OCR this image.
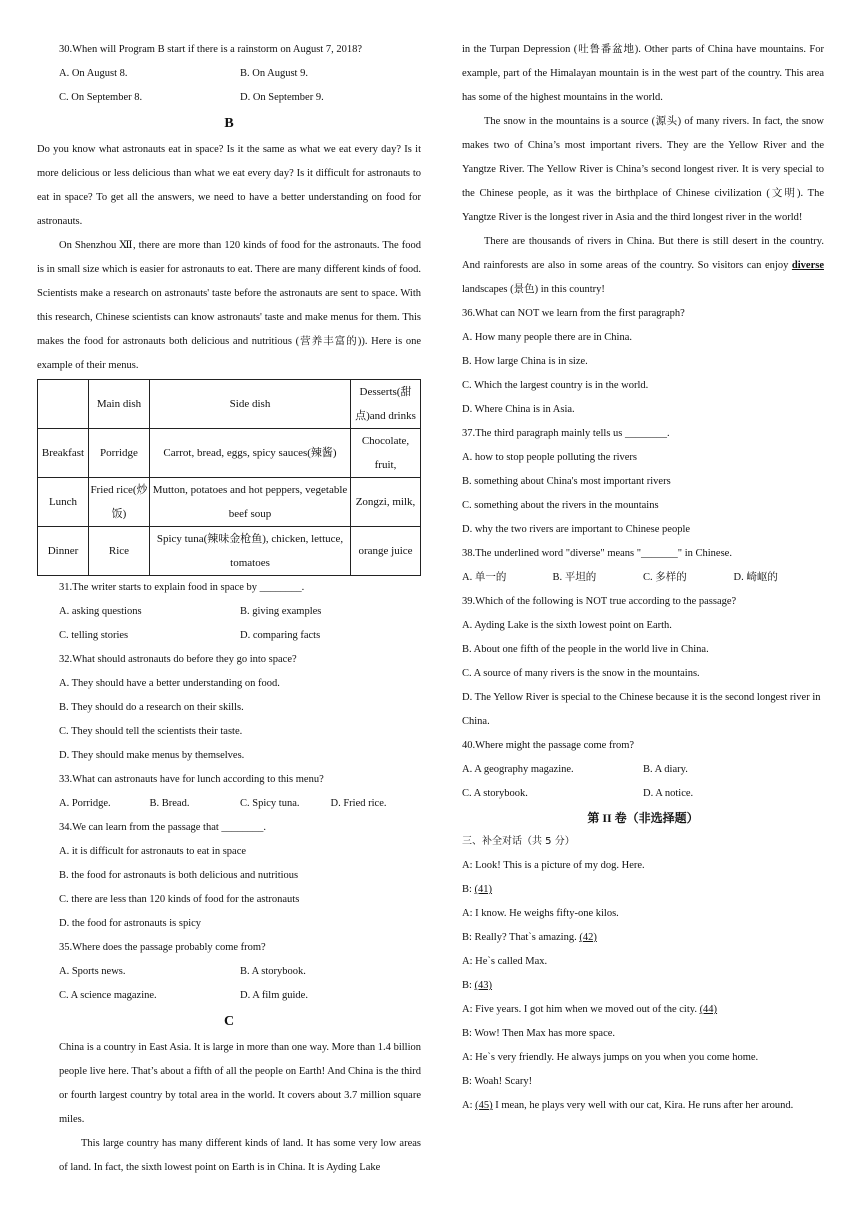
30.When will Program B start if there is a rainstorm on August 7, 2018?
A. On August 8.	B. On August 9.
C. On September 8.	D. On September 9.
B
Do you know what astronauts eat in space? Is it the same as what we eat every day? Is it more delicious or less delicious than what we eat every day? Is it difficult for astronauts to eat in space? To get all the answers, we need to have a better understanding on food for astronauts.
On Shenzhou Ⅻ, there are more than 120 kinds of food for the astronauts. The food is in small size which is easier for astronauts to eat. There are many different kinds of food. Scientists make a research on astronauts' taste before the astronauts are sent to space. With this research, Chinese scientists can know astronauts' taste and make menus for them. This makes the food for astronauts both delicious and nutritious (营养丰富的)). Here is one example of their menus.
	Main dish	Side dish	Desserts(甜点)and drinks
Breakfast	Porridge	Carrot, bread, eggs, spicy sauces(辣酱)	Chocolate, fruit,
Lunch	Fried rice(炒饭)	Mutton, potatoes and hot peppers, vegetable beef soup	Zongzi, milk,
Dinner	Rice	Spicy tuna(辣味金枪鱼), chicken, lettuce, tomatoes	orange juice
31.The writer starts to explain food in space by ________.
A. asking questions	B. giving examples
C. telling stories	D. comparing facts
32.What should astronauts do before they go into space?
A. They should have a better understanding on food.
B. They should do a research on their skills.
C. They should tell the scientists their taste.
D. They should make menus by themselves.
33.What can astronauts have for lunch according to this menu?
A. Porridge.	B. Bread.	C. Spicy tuna.	D. Fried rice.
34.We can learn from the passage that ________.
A. it is difficult for astronauts to eat in space
B. the food for astronauts is both delicious and nutritious
C. there are less than 120 kinds of food for the astronauts
D. the food for astronauts is spicy
35.Where does the passage probably come from?
A. Sports news.	B. A storybook.
C. A science magazine.	D. A film guide.
C
China is a country in East Asia. It is large in more than one way. More than 1.4 billion people live here. That’s about a fifth of all the people on Earth! And China is the third or fourth largest country by total area in the world. It covers about 3.7 million square miles.
This large country has many different kinds of land. It has some very low areas of land. In fact, the sixth lowest point on Earth is in China. It is Ayding Lake
in the Turpan Depression (吐鲁番盆地). Other parts of China have mountains. For example, part of the Himalayan mountain is in the west part of the country. This area has some of the highest mountains in the world.
The snow in the mountains is a source (源头) of many rivers. In fact, the snow makes two of China’s most important rivers. They are the Yellow River and the Yangtze River. The Yellow River is China’s second longest river. It is very special to the Chinese people, as it was the birthplace of Chinese civilization (文明). The Yangtze River is the longest river in Asia and the third longest river in the world!
There are thousands of rivers in China. But there is still desert in the country. And rainforests are also in some areas of the country. So visitors can enjoy diverse landscapes (景色) in this country!
36.What can NOT we learn from the first paragraph?
A. How many people there are in China.
B. How large China is in size.
C. Which the largest country is in the world.
D. Where China is in Asia.
37.The third paragraph mainly tells us ________.
A. how to stop people polluting the rivers
B. something about China's most important rivers
C. something about the rivers in the mountains
D. why the two rivers are important to Chinese people
38.The underlined word "diverse" means "_______" in Chinese.
A. 单一的	B. 平坦的	C. 多样的	D. 崎岖的
39.Which of the following is NOT true according to the passage?
A. Ayding Lake is the sixth lowest point on Earth.
B. About one fifth of the people in the world live in China.
C. A source of many rivers is the snow in the mountains.
D. The Yellow River is special to the Chinese because it is the second longest river in China.
40.Where might the passage come from?
A. A geography magazine.	B. A diary.
C. A storybook.	D. A notice.
第 II 卷（非选择题）
三、补全对话（共 5 分）
A: Look! This is a picture of my dog. Here.
B: (41)
A: I know. He weighs fifty-one kilos.
B: Really? That`s amazing. (42)
A: He`s called Max.
B: (43)
A: Five years. I got him when we moved out of the city. (44)
B: Wow! Then Max has more space.
A: He`s very friendly. He always jumps on you when you come home.
B: Woah! Scary!
A: (45) I mean, he plays very well with our cat, Kira. He runs after her around.
